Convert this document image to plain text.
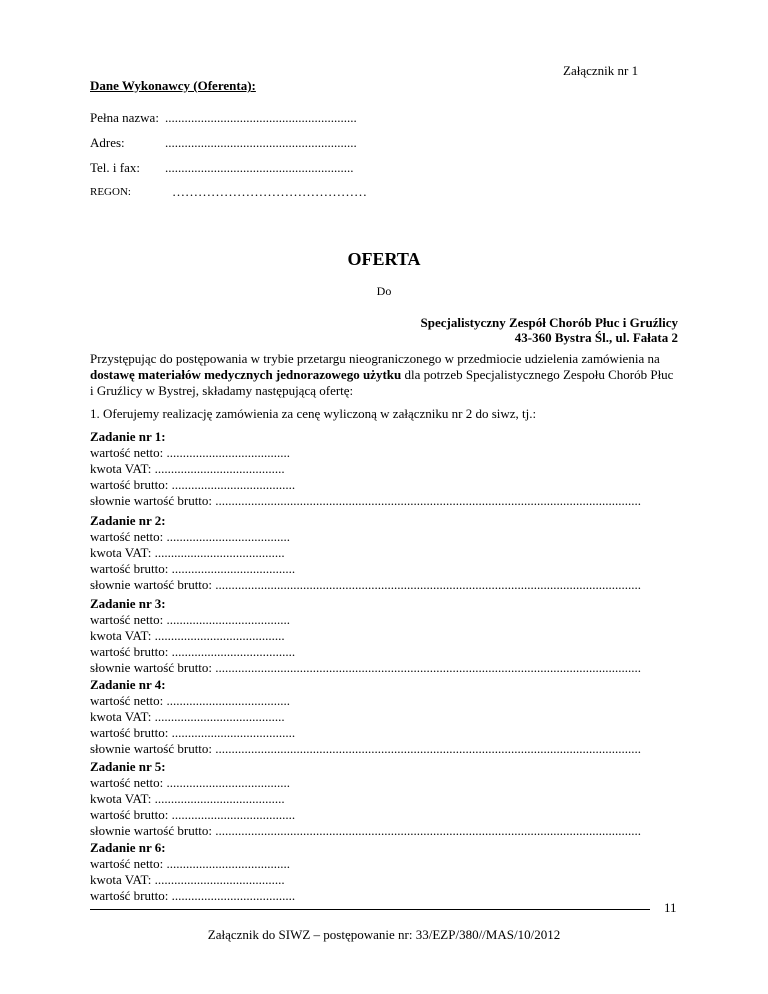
Załącznik nr 1
Dane Wykonawcy (Oferenta):
Pełna nazwa: ...........................................................
Adres:	...........................................................
Tel. i fax: ..........................................................
REGON:	………………………………………
OFERTA
Do
Specjalistyczny Zespół Chorób Płuc i Gruźlicy
43-360 Bystra Śl., ul. Fałata 2
Przystępując do postępowania w trybie przetargu nieograniczonego w przedmiocie udzielenia zamówienia na
dostawę materiałów medycznych jednorazowego użytku dla potrzeb Specjalistycznego Zespołu Chorób Płuc
i Gruźlicy w Bystrej, składamy następującą ofertę:
1. Oferujemy realizację zamówienia za cenę wyliczoną w załączniku nr 2 do siwz, tj.:
Zadanie nr 1:
wartość netto: ......................................
kwota VAT: ........................................
wartość brutto: ......................................
słownie wartość brutto: ...................................................................................................................................
Zadanie nr 2:
wartość netto: ......................................
kwota VAT: ........................................
wartość brutto: ......................................
słownie wartość brutto: ...................................................................................................................................
Zadanie nr 3:
wartość netto: ......................................
kwota VAT: ........................................
wartość brutto: ......................................
słownie wartość brutto: ...................................................................................................................................
Zadanie nr 4:
wartość netto: ......................................
kwota VAT: ........................................
wartość brutto: ......................................
słownie wartość brutto: ...................................................................................................................................
Zadanie nr 5:
wartość netto: ......................................
kwota VAT: ........................................
wartość brutto: ......................................
słownie wartość brutto: ...................................................................................................................................
Zadanie nr 6:
wartość netto: ......................................
kwota VAT: ........................................
wartość brutto: ......................................
11
Załącznik do SIWZ – postępowanie nr: 33/EZP/380//MAS/10/2012
